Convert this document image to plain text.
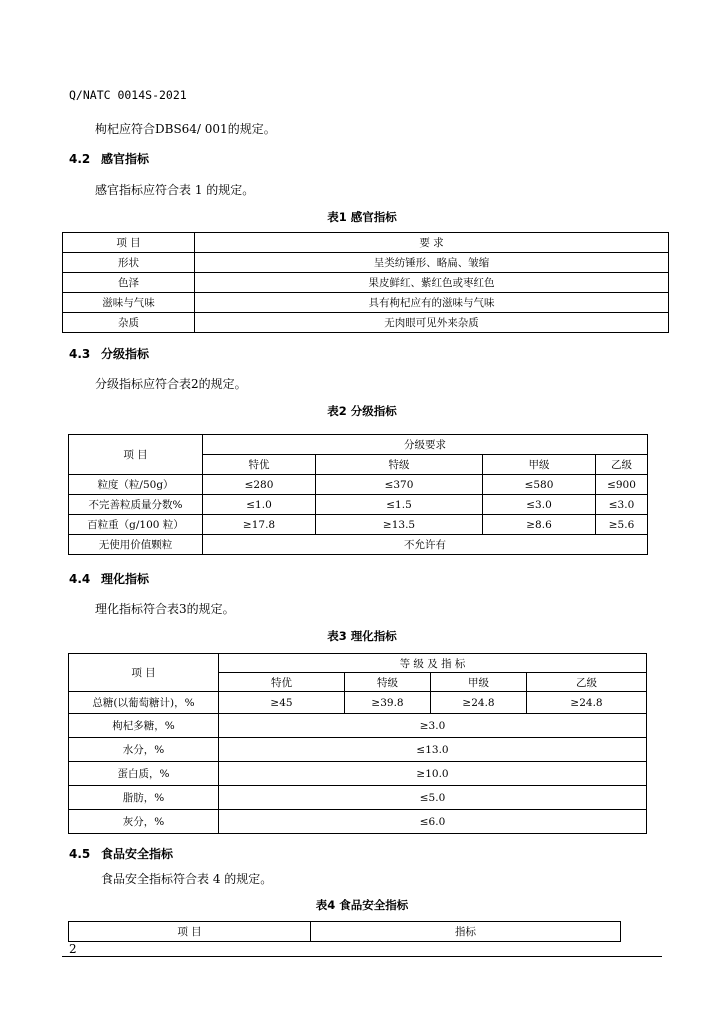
Q/NATC 0014S-2021
枸杞应符合DBS64/ 001的规定。
4.2 感官指标
感官指标应符合表 1 的规定。
表1 感官指标
项 目	要 求
形状	呈类纺锤形、略扁、皱缩
色泽	果皮鲜红、紫红色或枣红色
滋味与气味	具有枸杞应有的滋味与气味
杂质	无肉眼可见外来杂质
4.3 分级指标
分级指标应符合表2的规定。
表2 分级指标
项 目	分级要求			
	特优	特级	甲级	乙级
粒度（粒/50g）	≤280	≤370	≤580	≤900
不完善粒质量分数%	≤1.0	≤1.5	≤3.0	≤3.0
百粒重（g/100 粒）	≥17.8	≥13.5	≥8.6	≥5.6
无使用价值颗粒	不允许有			
4.4 理化指标
理化指标符合表3的规定。
表3 理化指标
项 目	等 级 及 指 标			
	特优	特级	甲级	乙级
总糖(以葡萄糖计)，%	≥45	≥39.8	≥24.8	≥24.8
枸杞多糖，%	≥3.0			
水分，%	≤13.0			
蛋白质，%	≥10.0			
脂肪，%	≤5.0			
灰分，%	≤6.0			
4.5 食品安全指标
食品安全指标符合表 4 的规定。
表4 食品安全指标
项 目	指标
2
